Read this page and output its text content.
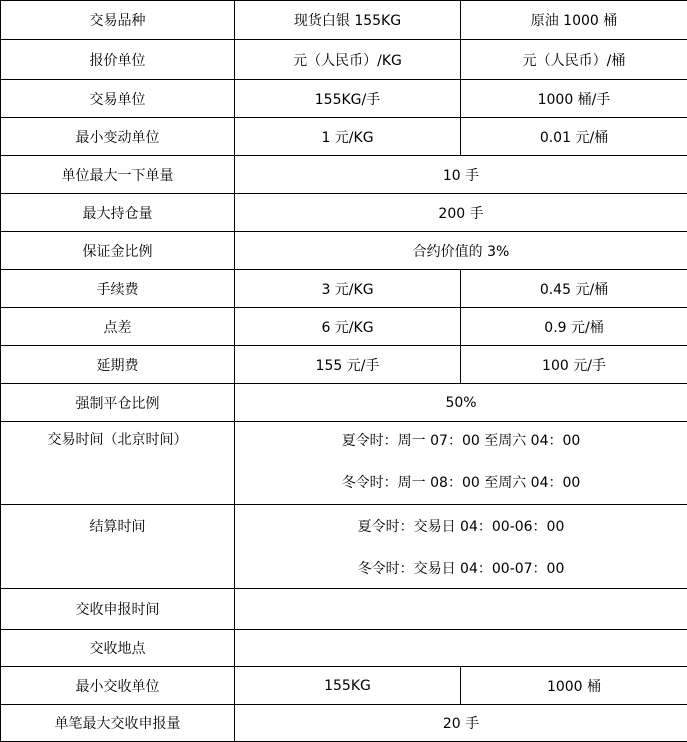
交易品种	现货白银 155KG	原油 1000 桶
报价单位	元（人民币）/KG	元（人民币）/桶
交易单位	155KG/手	1000 桶/手
最小变动单位	1 元/KG	0.01 元/桶
单位最大一下单量	10 手	
最大持仓量	200 手	
保证金比例	合约价值的 3%	
手续费	3 元/KG	0.45 元/桶
点差	6 元/KG	0.9 元/桶
延期费	155 元/手	100 元/手
强制平仓比例	50%	

交易时间（北京时间）	夏令时：周一 07：00 至周六 04：00
冬令时：周一 08：00 至周六 04：00	

结算时间	夏令时：交易日 04：00-06：00
冬令时：交易日 04：00-07：00	

交收申报时间		
交收地点		
最小交收单位	155KG	1000 桶
单笔最大交收申报量	20 手	
